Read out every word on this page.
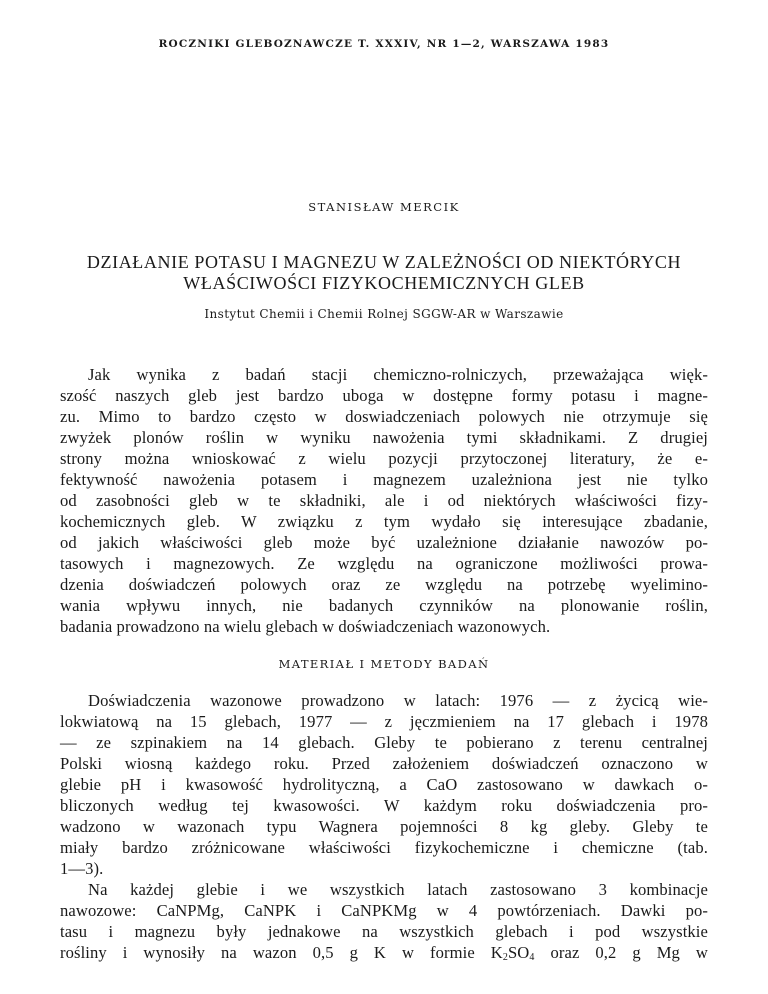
ROCZNIKI GLEBOZNAWCZE T. XXXIV, NR 1—2, WARSZAWA 1983
STANISŁAW MERCIK
DZIAŁANIE POTASU I MAGNEZU W ZALEŻNOŚCI OD NIEKTÓRYCH
WŁAŚCIWOŚCI FIZYKOCHEMICZNYCH GLEB
Instytut Chemii i Chemii Rolnej SGGW-AR w Warszawie
Jak wynika z badań stacji chemiczno-rolniczych, przeważająca więk-
szość naszych gleb jest bardzo uboga w dostępne formy potasu i magne-
zu. Mimo to bardzo często w doswiadczeniach polowych nie otrzymuje się
zwyżek plonów roślin w wyniku nawożenia tymi składnikami. Z drugiej
strony można wnioskować z wielu pozycji przytoczonej literatury, że e-
fektywność nawożenia potasem i magnezem uzależniona jest nie tylko
od zasobności gleb w te składniki, ale i od niektórych właściwości fizy-
kochemicznych gleb. W związku z tym wydało się interesujące zbadanie,
od jakich właściwości gleb może być uzależnione działanie nawozów po-
tasowych i magnezowych. Ze względu na ograniczone możliwości prowa-
dzenia doświadczeń polowych oraz ze względu na potrzebę wyelimino-
wania wpływu innych, nie badanych czynników na plonowanie roślin,
badania prowadzono na wielu glebach w doświadczeniach wazonowych.
MATERIAŁ I METODY BADAŃ
Doświadczenia wazonowe prowadzono w latach: 1976 — z życicą wie-
lokwiatową na 15 glebach, 1977 — z jęczmieniem na 17 glebach i 1978
— ze szpinakiem na 14 glebach. Gleby te pobierano z terenu centralnej
Polski wiosną każdego roku. Przed założeniem doświadczeń oznaczono w
glebie pH i kwasowość hydrolityczną, a CaO zastosowano w dawkach o-
bliczonych według tej kwasowości. W każdym roku doświadczenia pro-
wadzono w wazonach typu Wagnera pojemności 8 kg gleby. Gleby te
miały bardzo zróżnicowane właściwości fizykochemiczne i chemiczne (tab.
1—3).
Na każdej glebie i we wszystkich latach zastosowano 3 kombinacje
nawozowe: CaNPMg, CaNPK i CaNPKMg w 4 powtórzeniach. Dawki po-
tasu i magnezu były jednakowe na wszystkich glebach i pod wszystkie
rośliny i wynosiły na wazon 0,5 g K w formie $K_2SO_4$ oraz 0,2 g Mg w
